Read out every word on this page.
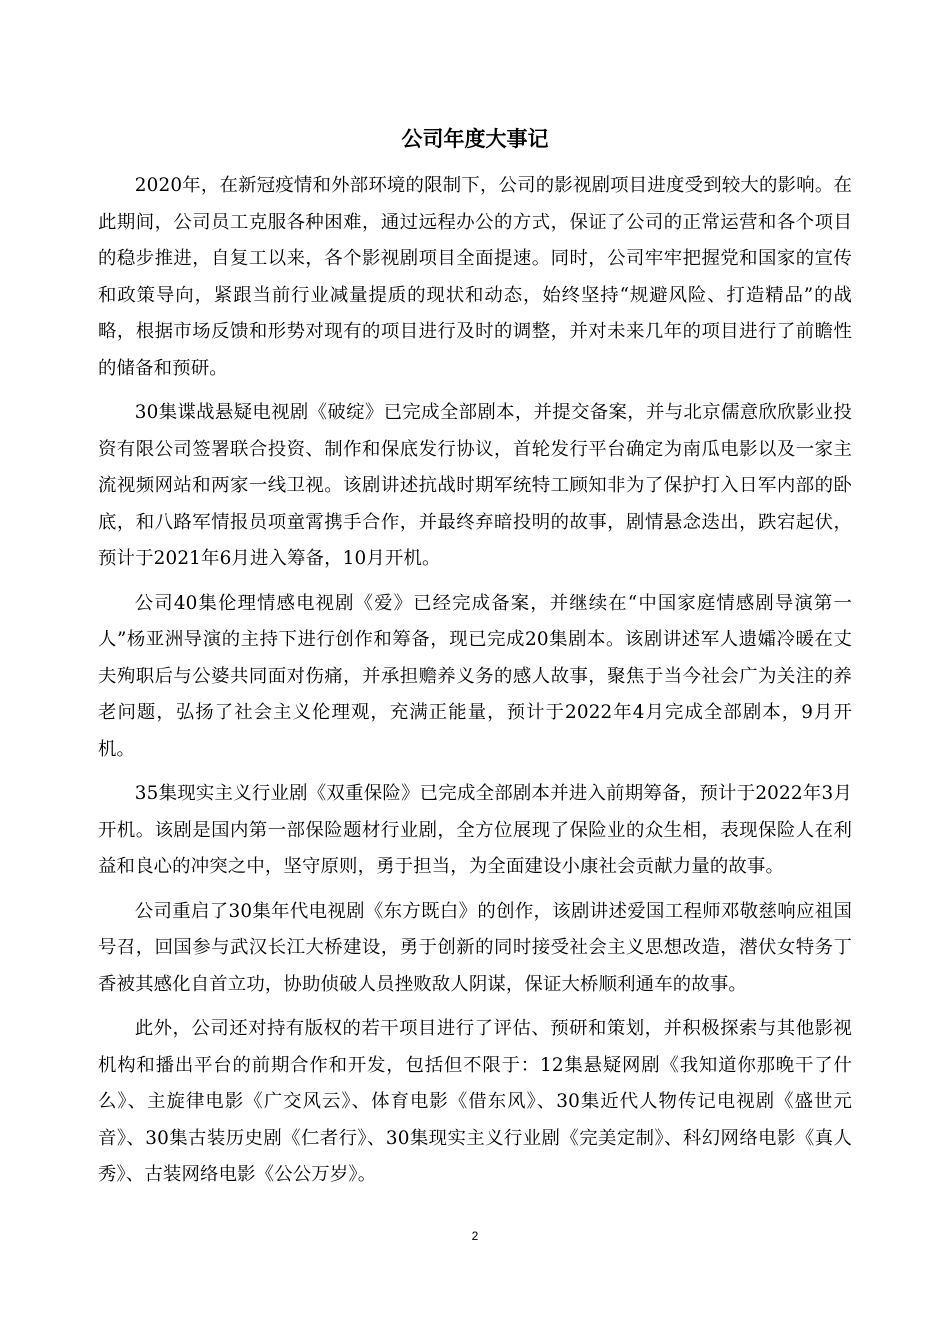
公司年度大事记

2020年，在新冠疫情和外部环境的限制下，公司的影视剧项目进度受到较大的影响。在此期间，公司员工克服各种困难，通过远程办公的方式，保证了公司的正常运营和各个项目的稳步推进，自复工以来，各个影视剧项目全面提速。同时，公司牢牢把握党和国家的宣传和政策导向，紧跟当前行业减量提质的现状和动态，始终坚持“规避风险、打造精品”的战略，根据市场反馈和形势对现有的项目进行及时的调整，并对未来几年的项目进行了前瞻性的储备和预研。

30集谍战悬疑电视剧《破绽》已完成全部剧本，并提交备案，并与北京儒意欣欣影业投资有限公司签署联合投资、制作和保底发行协议，首轮发行平台确定为南瓜电影以及一家主流视频网站和两家一线卫视。该剧讲述抗战时期军统特工顾知非为了保护打入日军内部的卧底，和八路军情报员项童霄携手合作，并最终弃暗投明的故事，剧情悬念迭出，跌宕起伏，预计于2021年6月进入筹备，10月开机。

公司40集伦理情感电视剧《爱》已经完成备案，并继续在“中国家庭情感剧导演第一人”杨亚洲导演的主持下进行创作和筹备，现已完成20集剧本。该剧讲述军人遗孀冷暖在丈夫殉职后与公婆共同面对伤痛，并承担赡养义务的感人故事，聚焦于当今社会广为关注的养老问题，弘扬了社会主义伦理观，充满正能量，预计于2022年4月完成全部剧本，9月开机。

35集现实主义行业剧《双重保险》已完成全部剧本并进入前期筹备，预计于2022年3月开机。该剧是国内第一部保险题材行业剧，全方位展现了保险业的众生相，表现保险人在利益和良心的冲突之中，坚守原则，勇于担当，为全面建设小康社会贡献力量的故事。

公司重启了30集年代电视剧《东方既白》的创作，该剧讲述爱国工程师邓敬慈响应祖国号召，回国参与武汉长江大桥建设，勇于创新的同时接受社会主义思想改造，潜伏女特务丁香被其感化自首立功，协助侦破人员挫败敌人阴谋，保证大桥顺利通车的故事。

此外，公司还对持有版权的若干项目进行了评估、预研和策划，并积极探索与其他影视机构和播出平台的前期合作和开发，包括但不限于：12集悬疑网剧《我知道你那晚干了什么》、主旋律电影《广交风云》、体育电影《借东风》、30集近代人物传记电视剧《盛世元音》、30集古装历史剧《仁者行》、30集现实主义行业剧《完美定制》、科幻网络电影《真人秀》、古装网络电影《公公万岁》。

2
